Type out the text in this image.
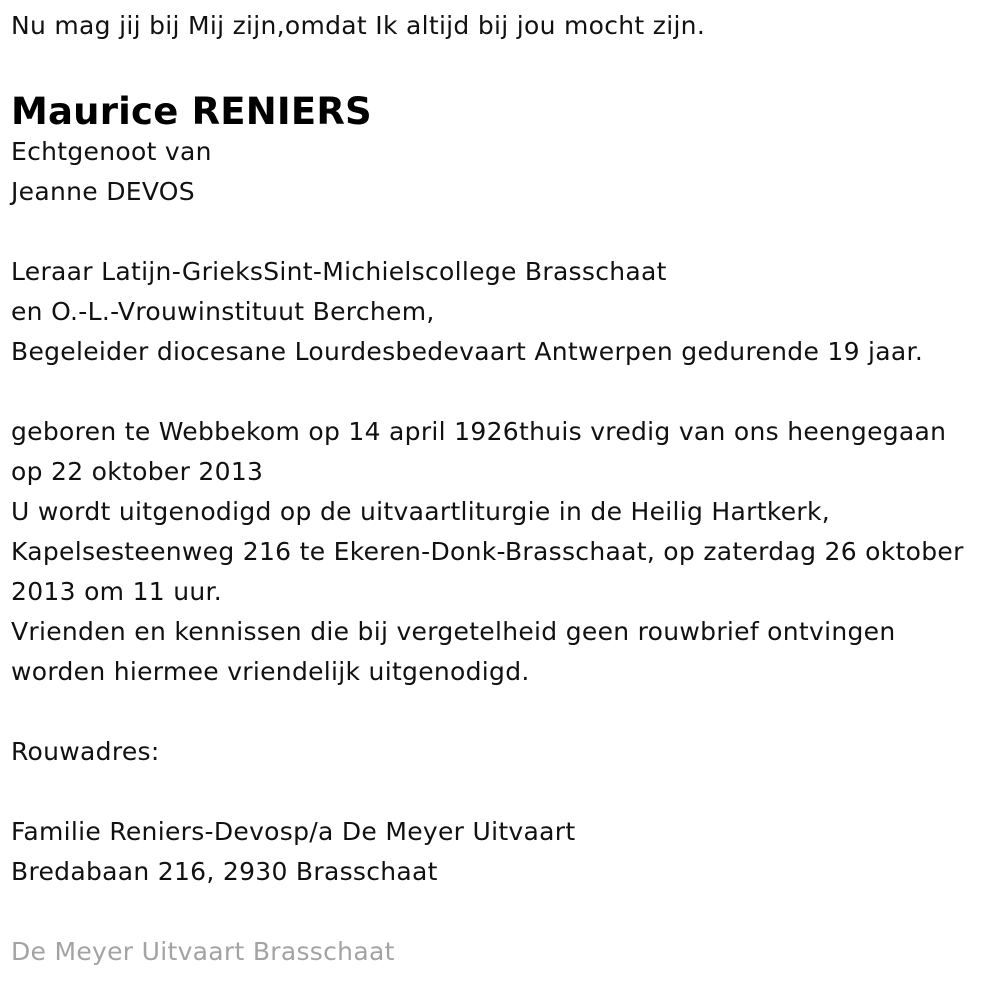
Nu mag jij bij Mij zijn,omdat Ik altijd bij jou mocht zijn.
Maurice RENIERS
Echtgenoot van
Jeanne DEVOS
Leraar Latijn-GrieksSint-Michielscollege Brasschaat
en O.-L.-Vrouwinstituut Berchem,
Begeleider diocesane Lourdesbedevaart Antwerpen gedurende 19 jaar.
geboren te Webbekom op 14 april 1926thuis vredig van ons heengegaan
op 22 oktober 2013
U wordt uitgenodigd op de uitvaartliturgie in de Heilig Hartkerk,
Kapelsesteenweg 216 te Ekeren-Donk-Brasschaat, op zaterdag 26 oktober
2013 om 11 uur.
Vrienden en kennissen die bij vergetelheid geen rouwbrief ontvingen
worden hiermee vriendelijk uitgenodigd.
Rouwadres:
Familie Reniers-Devosp/a De Meyer Uitvaart
Bredabaan 216, 2930 Brasschaat
De Meyer Uitvaart Brasschaat
